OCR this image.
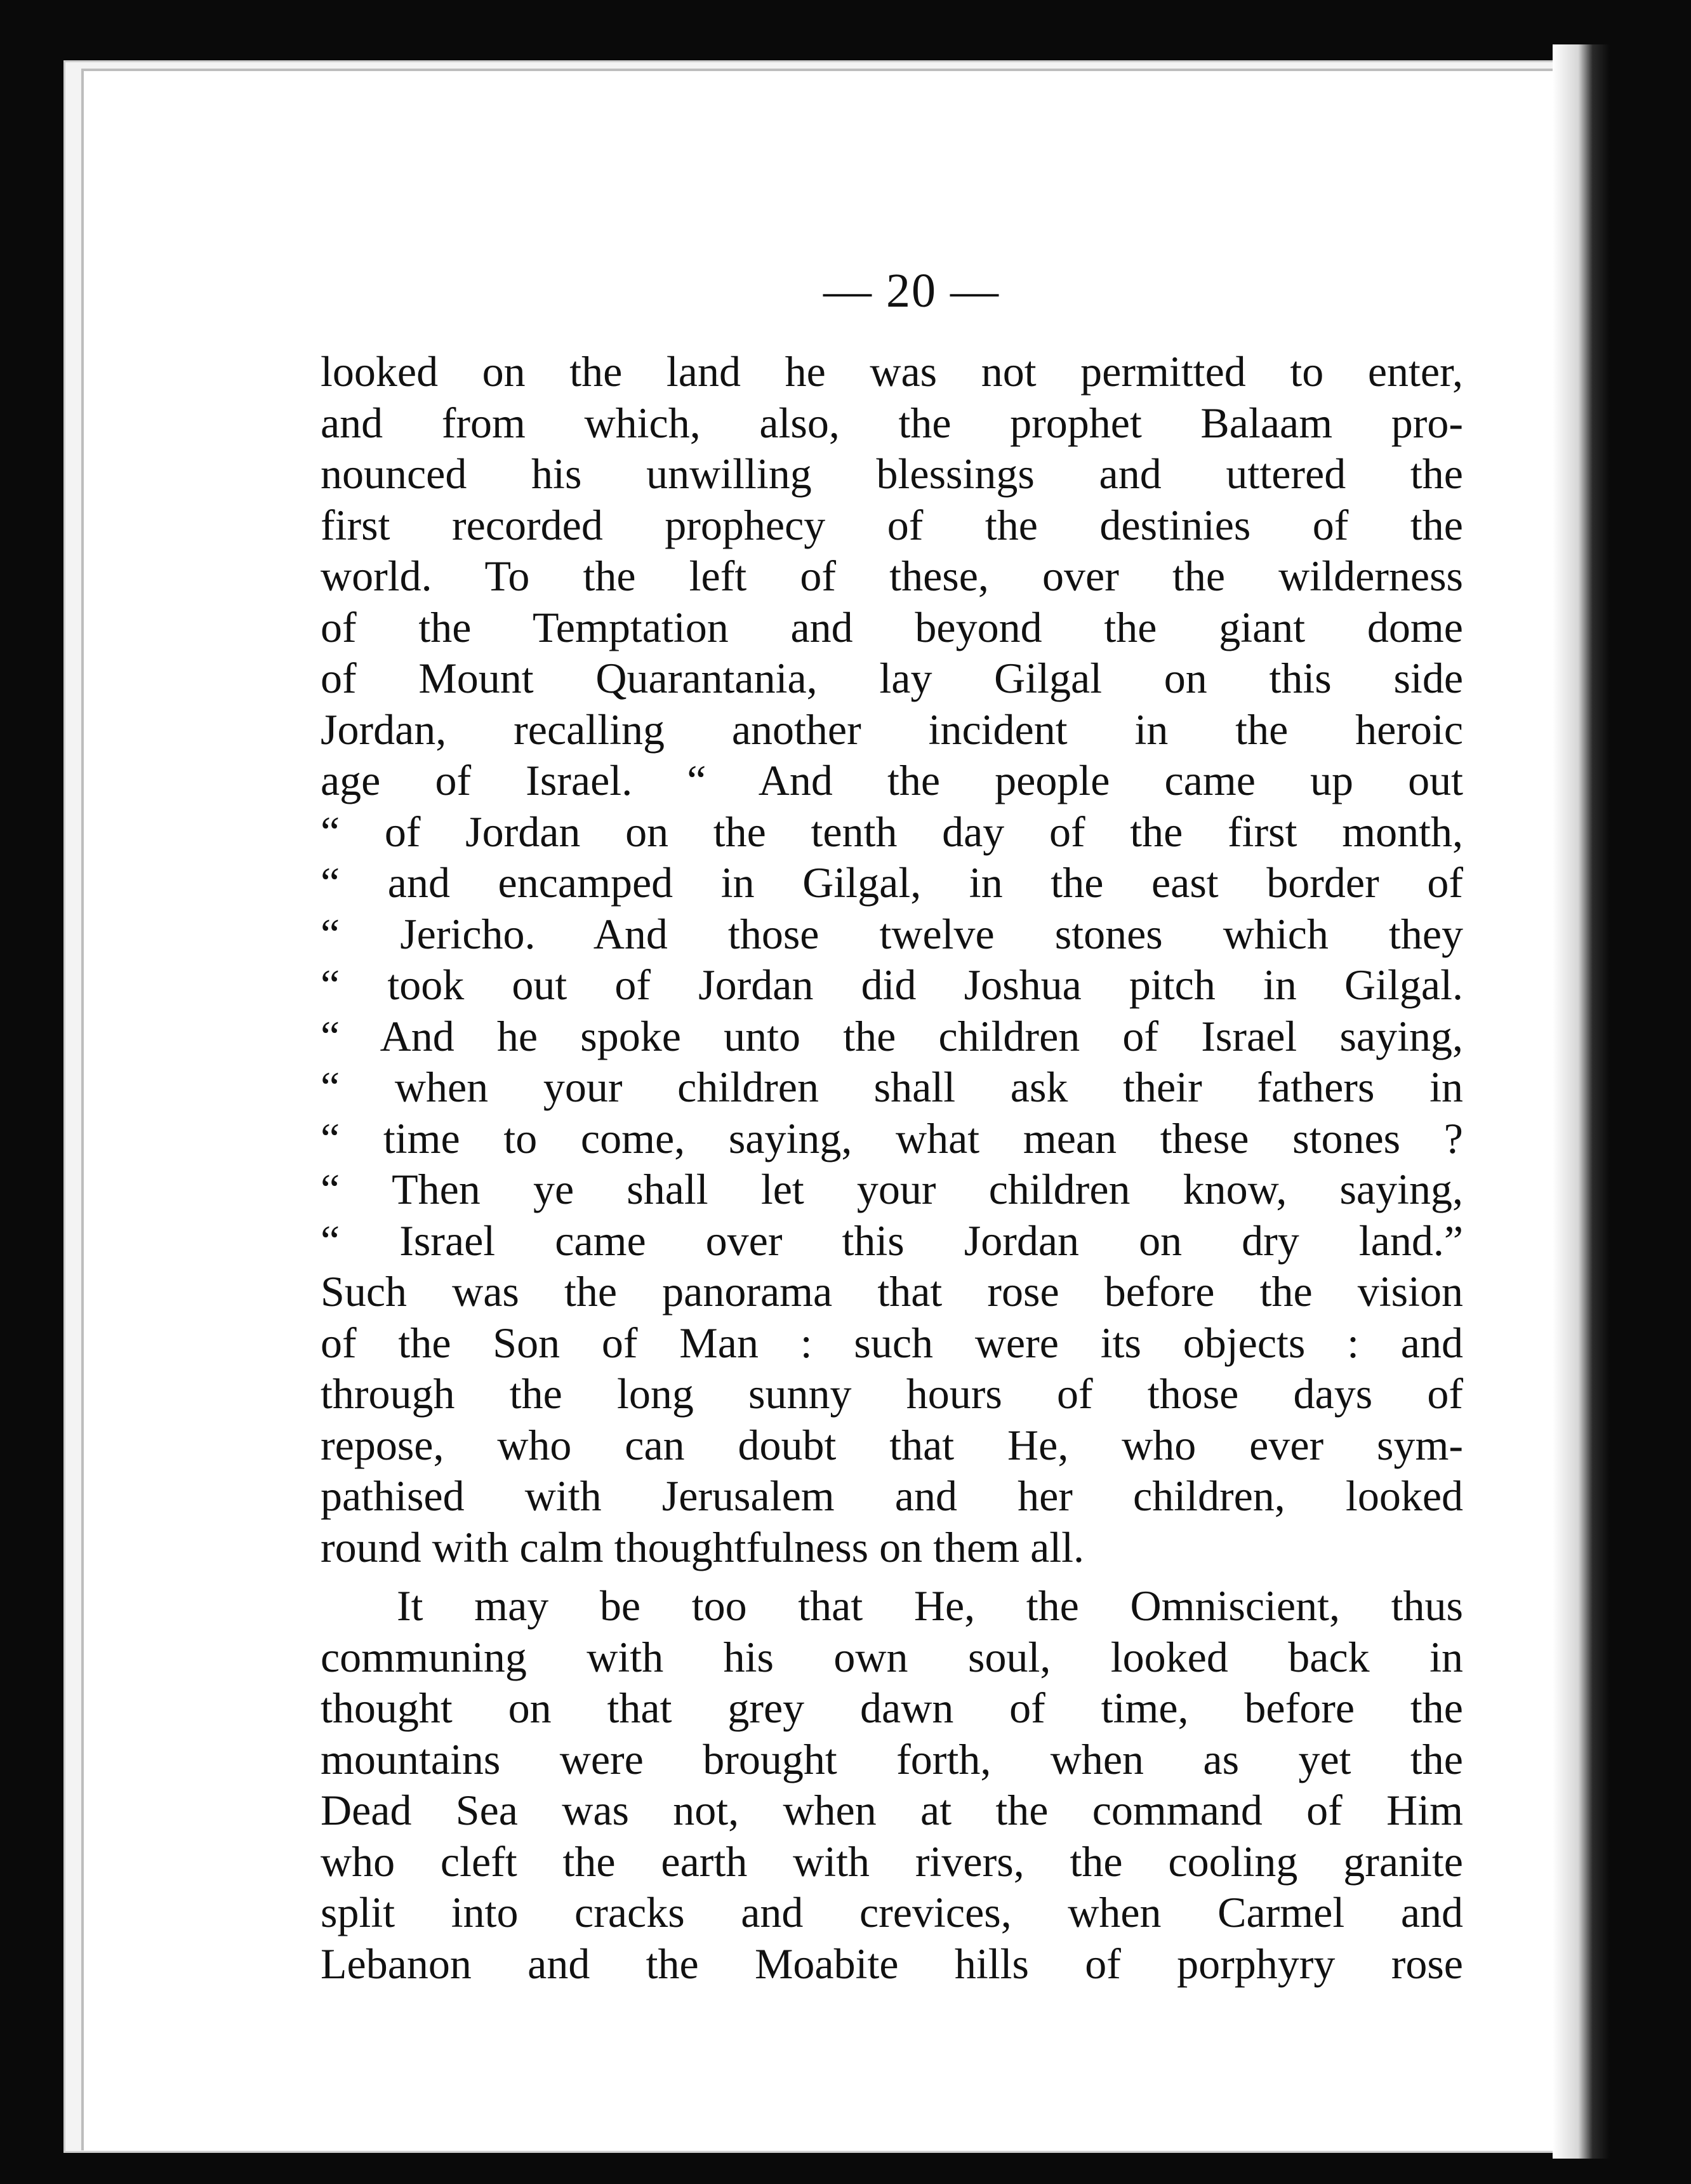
— 20 —
looked on the land he was not permitted to enter,
and from which, also, the prophet Balaam pro-
nounced his unwilling blessings and uttered the
first recorded prophecy of the destinies of the
world. To the left of these, over the wilderness
of the Temptation and beyond the giant dome
of Mount Quarantania, lay Gilgal on this side
Jordan, recalling another incident in the heroic
age of Israel. “ And the people came up out
“ of Jordan on the tenth day of the first month,
“ and encamped in Gilgal, in the east border of
“ Jericho. And those twelve stones which they
“ took out of Jordan did Joshua pitch in Gilgal.
“ And he spoke unto the children of Israel saying,
“ when your children shall ask their fathers in
“ time to come, saying, what mean these stones ?
“ Then ye shall let your children know, saying,
“ Israel came over this Jordan on dry land.”
Such was the panorama that rose before the vision
of the Son of Man : such were its objects : and
through the long sunny hours of those days of
repose, who can doubt that He, who ever sym-
pathised with Jerusalem and her children, looked
round with calm thoughtfulness on them all.
It may be too that He, the Omniscient, thus
communing with his own soul, looked back in
thought on that grey dawn of time, before the
mountains were brought forth, when as yet the
Dead Sea was not, when at the command of Him
who cleft the earth with rivers, the cooling granite
split into cracks and crevices, when Carmel and
Lebanon and the Moabite hills of porphyry rose
